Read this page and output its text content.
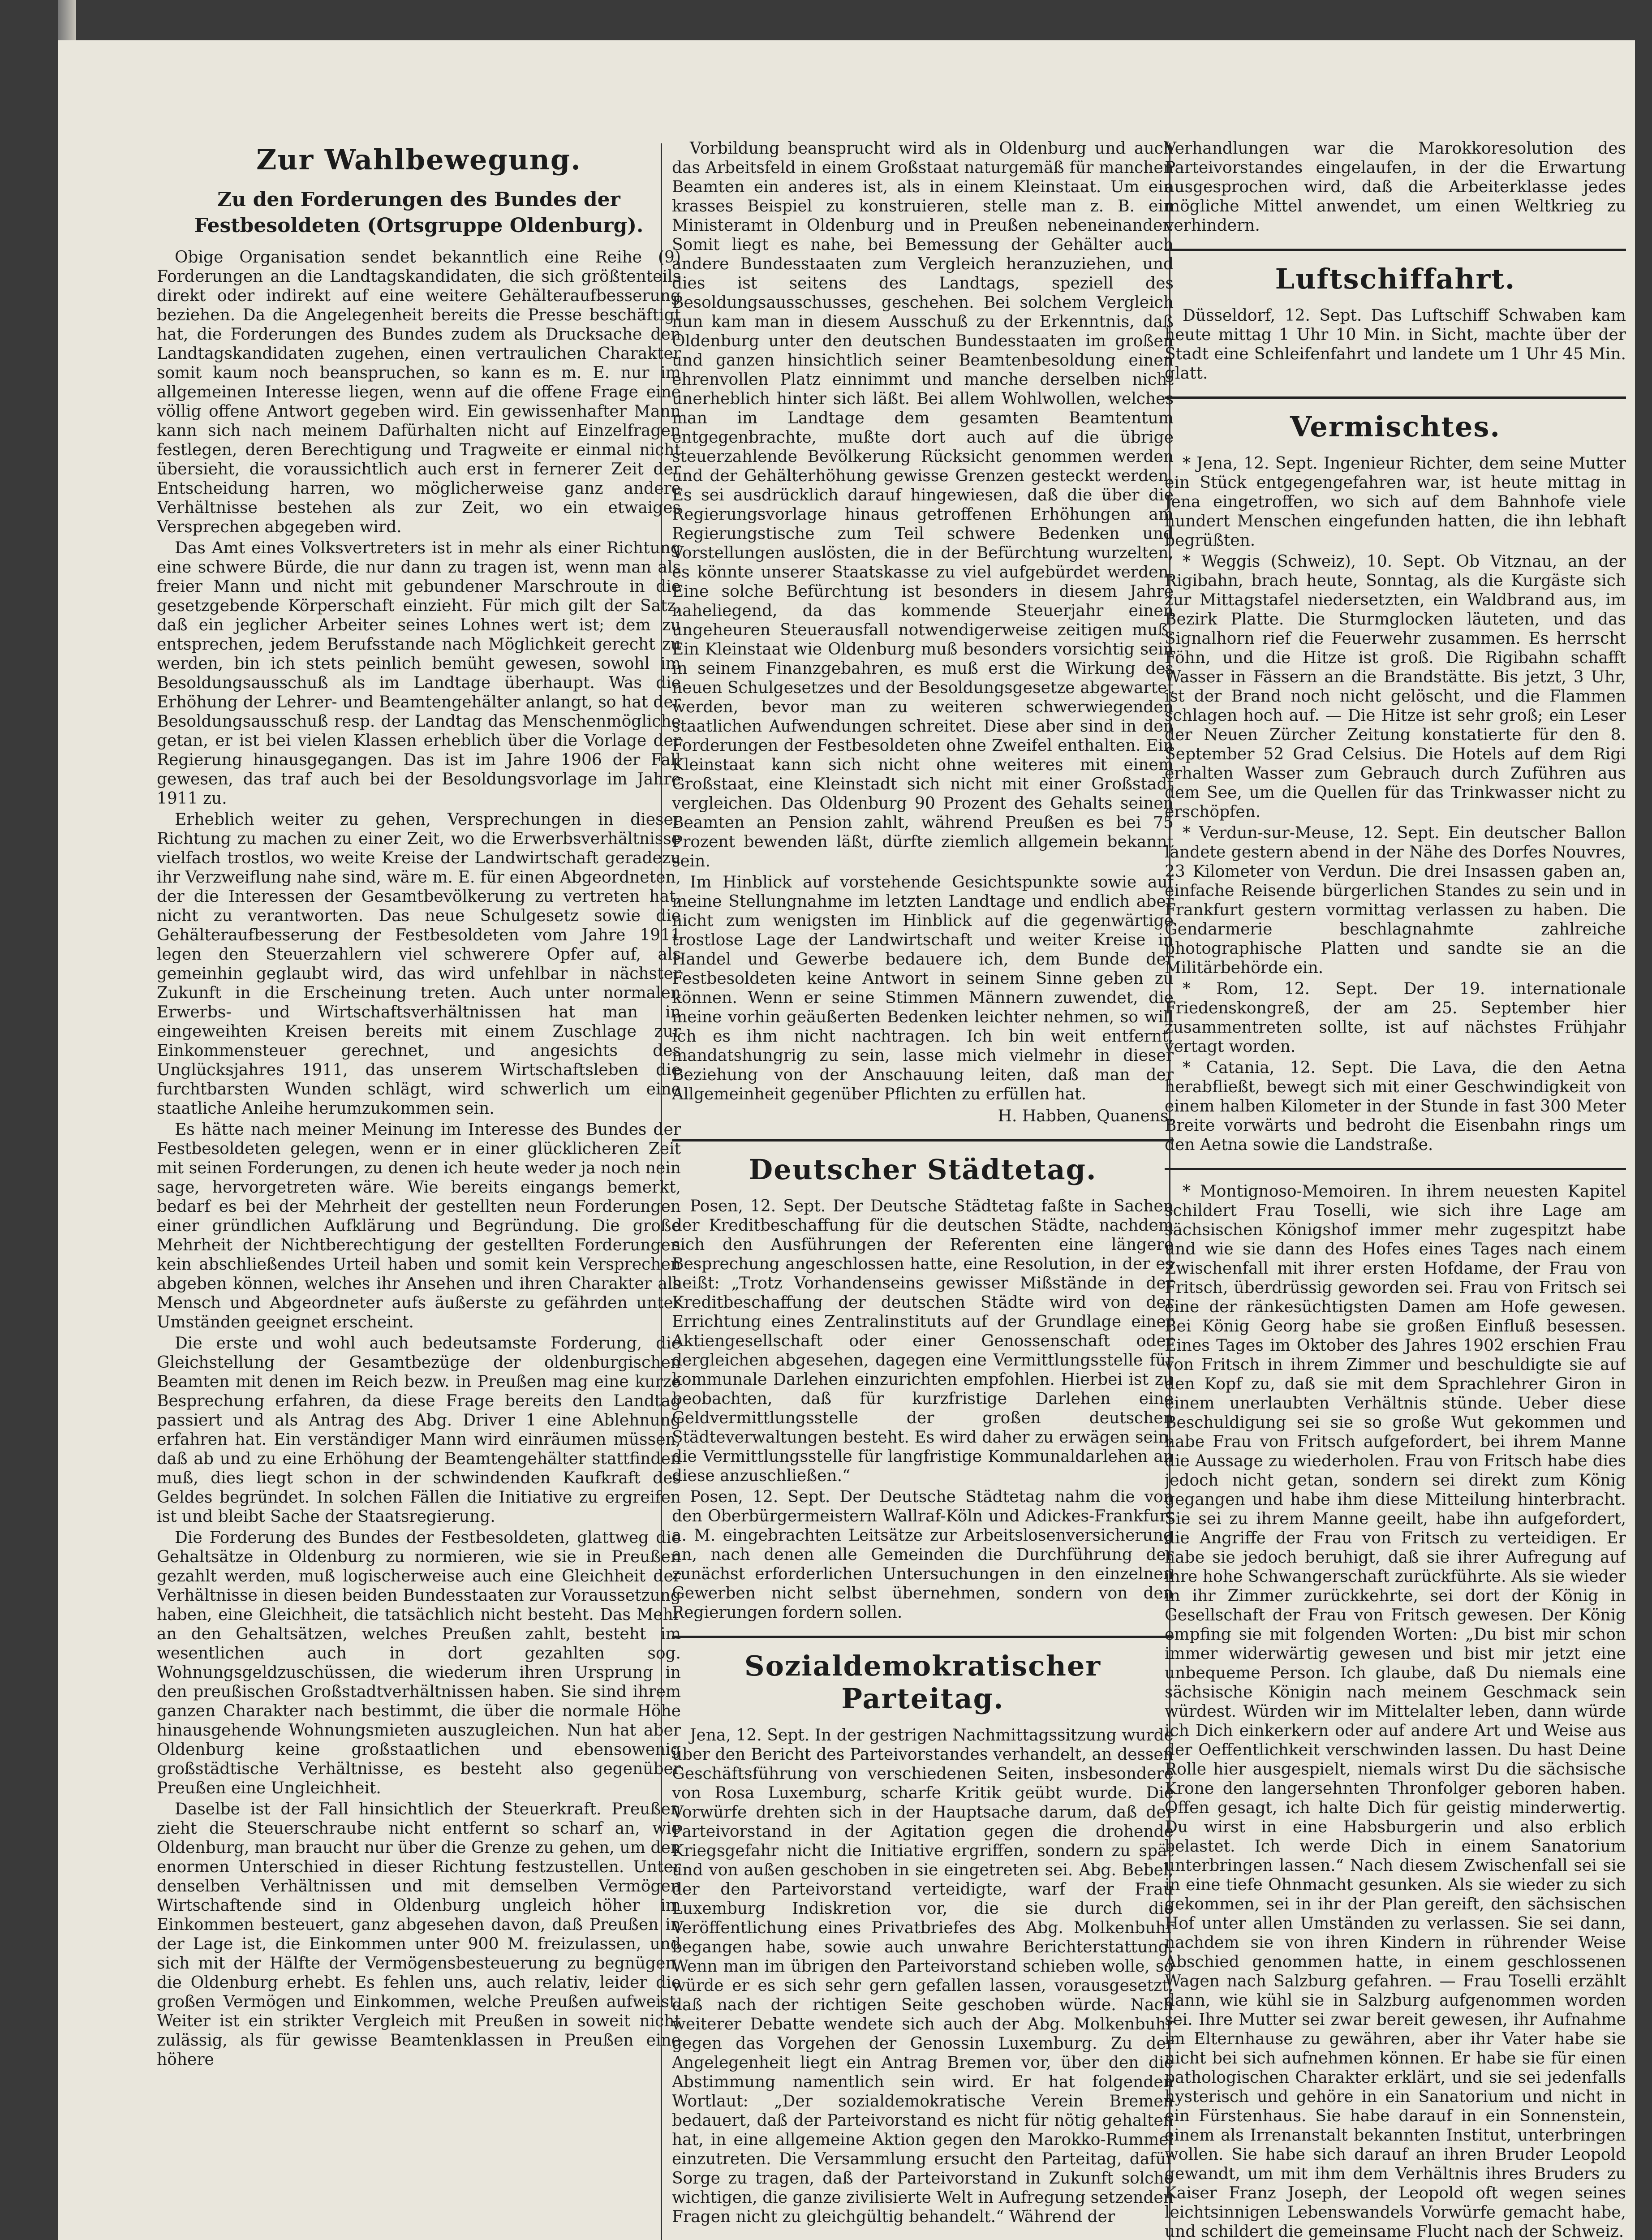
Zur Wahlbewegung.
Zu den Forderungen des Bundes der Festbesoldeten (Ortsgruppe Oldenburg).

Obige Organisation sendet bekanntlich eine Reihe (9) Forderungen an die Landtagskandidaten, die sich größtenteils direkt oder indirekt auf eine weitere Gehälteraufbesserung beziehen. Da die Angelegenheit bereits die Presse beschäftigt hat, die Forderungen des Bundes zudem als Drucksache den Landtagskandidaten zugehen, einen vertraulichen Charakter somit kaum noch beanspruchen, so kann es m. E. nur im allgemeinen Interesse liegen, wenn auf die offene Frage eine völlig offene Antwort gegeben wird. Ein gewissenhafter Mann kann sich nach meinem Dafürhalten nicht auf Einzelfragen festlegen, deren Berechtigung und Tragweite er einmal nicht übersieht, die voraussichtlich auch erst in fernerer Zeit der Entscheidung harren, wo möglicherweise ganz andere Verhältnisse bestehen als zur Zeit, wo ein etwaiges Versprechen abgegeben wird.

Das Amt eines Volksvertreters ist in mehr als einer Richtung eine schwere Bürde, die nur dann zu tragen ist, wenn man als freier Mann und nicht mit gebundener Marschroute in die gesetzgebende Körperschaft einzieht. Für mich gilt der Satz, daß ein jeglicher Arbeiter seines Lohnes wert ist; dem zu entsprechen, jedem Berufsstande nach Möglichkeit gerecht zu werden, bin ich stets peinlich bemüht gewesen, sowohl im Besoldungsausschuß als im Landtage überhaupt. Was die Erhöhung der Lehrer- und Beamtengehälter anlangt, so hat der Besoldungsausschuß resp. der Landtag das Menschenmögliche getan, er ist bei vielen Klassen erheblich über die Vorlage der Regierung hinausgegangen. Das ist im Jahre 1906 der Fall gewesen, das traf auch bei der Besoldungsvorlage im Jahre 1911 zu.

Erheblich weiter zu gehen, Versprechungen in dieser Richtung zu machen zu einer Zeit, wo die Erwerbsverhältnisse vielfach trostlos, wo weite Kreise der Landwirtschaft geradezu ihr Verzweiflung nahe sind, wäre m. E. für einen Abgeordneten, der die Interessen der Gesamtbevölkerung zu vertreten hat, nicht zu verantworten. Das neue Schulgesetz sowie die Gehälteraufbesserung der Festbesoldeten vom Jahre 1911 legen den Steuerzahlern viel schwerere Opfer auf, als gemeinhin geglaubt wird, das wird unfehlbar in nächster Zukunft in die Erscheinung treten. Auch unter normalen Erwerbs- und Wirtschaftsverhältnissen hat man in eingeweihten Kreisen bereits mit einem Zuschlage zur Einkommensteuer gerechnet, und angesichts des Unglücksjahres 1911, das unserem Wirtschaftsleben die furchtbarsten Wunden schlägt, wird schwerlich um eine staatliche Anleihe herumzukommen sein.

Es hätte nach meiner Meinung im Interesse des Bundes der Festbesoldeten gelegen, wenn er in einer glücklicheren Zeit mit seinen Forderungen, zu denen ich heute weder ja noch nein sage, hervorgetreten wäre. Wie bereits eingangs bemerkt, bedarf es bei der Mehrheit der gestellten neun Forderungen einer gründlichen Aufklärung und Begründung. Die große Mehrheit der Nichtberechtigung der gestellten Forderungen kein abschließendes Urteil haben und somit kein Versprechen abgeben können, welches ihr Ansehen und ihren Charakter als Mensch und Abgeordneter aufs äußerste zu gefährden unter Umständen geeignet erscheint.

Die erste und wohl auch bedeutsamste Forderung, die Gleichstellung der Gesamtbezüge der oldenburgischen Beamten mit denen im Reich bezw. in Preußen mag eine kurze Besprechung erfahren, da diese Frage bereits den Landtag passiert und als Antrag des Abg. Driver 1 eine Ablehnung erfahren hat. Ein verständiger Mann wird einräumen müssen, daß ab und zu eine Erhöhung der Beamtengehälter stattfinden muß, dies liegt schon in der schwindenden Kaufkraft des Geldes begründet. In solchen Fällen die Initiative zu ergreifen ist und bleibt Sache der Staatsregierung.

Die Forderung des Bundes der Festbesoldeten, glattweg die Gehaltsätze in Oldenburg zu normieren, wie sie in Preußen gezahlt werden, muß logischerweise auch eine Gleichheit der Verhältnisse in diesen beiden Bundesstaaten zur Voraussetzung haben, eine Gleichheit, die tatsächlich nicht besteht. Das Mehr an den Gehaltsätzen, welches Preußen zahlt, besteht im wesentlichen auch in dort gezahlten sog. Wohnungsgeldzuschüssen, die wiederum ihren Ursprung in den preußischen Großstadtverhältnissen haben. Sie sind ihrem ganzen Charakter nach bestimmt, die über die normale Höhe hinausgehende Wohnungsmieten auszugleichen. Nun hat aber Oldenburg keine großstaatlichen und ebensowenig großstädtische Verhältnisse, es besteht also gegenüber Preußen eine Ungleichheit.

Daselbe ist der Fall hinsichtlich der Steuerkraft. Preußen zieht die Steuerschraube nicht entfernt so scharf an, wie Oldenburg, man braucht nur über die Grenze zu gehen, um den enormen Unterschied in dieser Richtung festzustellen. Unter denselben Verhältnissen und mit demselben Vermögen Wirtschaftende sind in Oldenburg ungleich höher im Einkommen besteuert, ganz abgesehen davon, daß Preußen in der Lage ist, die Einkommen unter 900 M. freizulassen, und sich mit der Hälfte der Vermögensbesteuerung zu begnügen, die Oldenburg erhebt. Es fehlen uns, auch relativ, leider die großen Vermögen und Einkommen, welche Preußen aufweist. Weiter ist ein strikter Vergleich mit Preußen in soweit nicht zulässig, als für gewisse Beamtenklassen in Preußen eine höhere

Vorbildung beansprucht wird als in Oldenburg und auch das Arbeitsfeld in einem Großstaat naturgemäß für manchen Beamten ein anderes ist, als in einem Kleinstaat. Um ein krasses Beispiel zu konstruieren, stelle man z. B. ein Ministeramt in Oldenburg und in Preußen nebeneinander. Somit liegt es nahe, bei Bemessung der Gehälter auch andere Bundesstaaten zum Vergleich heranzuziehen, und dies ist seitens des Landtags, speziell des Besoldungsausschusses, geschehen. Bei solchem Vergleich nun kam man in diesem Ausschuß zu der Erkenntnis, daß Oldenburg unter den deutschen Bundesstaaten im großen und ganzen hinsichtlich seiner Beamtenbesoldung einen ehrenvollen Platz einnimmt und manche derselben nicht unerheblich hinter sich läßt. Bei allem Wohlwollen, welches man im Landtage dem gesamten Beamtentum entgegenbrachte, mußte dort auch auf die übrige steuerzahlende Bevölkerung Rücksicht genommen werden und der Gehälterhöhung gewisse Grenzen gesteckt werden. Es sei ausdrücklich darauf hingewiesen, daß die über die Regierungsvorlage hinaus getroffenen Erhöhungen am Regierungstische zum Teil schwere Bedenken und Vorstellungen auslösten, die in der Befürchtung wurzelten, es könnte unserer Staatskasse zu viel aufgebürdet werden. Eine solche Befürchtung ist besonders in diesem Jahre naheliegend, da das kommende Steuerjahr einen ungeheuren Steuerausfall notwendigerweise zeitigen muß. Ein Kleinstaat wie Oldenburg muß besonders vorsichtig sein in seinem Finanzgebahren, es muß erst die Wirkung des neuen Schulgesetzes und der Besoldungsgesetze abgewartet werden, bevor man zu weiteren schwerwiegenden staatlichen Aufwendungen schreitet. Diese aber sind in den Forderungen der Festbesoldeten ohne Zweifel enthalten. Ein Kleinstaat kann sich nicht ohne weiteres mit einem Großstaat, eine Kleinstadt sich nicht mit einer Großstadt vergleichen. Das Oldenburg 90 Prozent des Gehalts seinen Beamten an Pension zahlt, während Preußen es bei 75 Prozent bewenden läßt, dürfte ziemlich allgemein bekannt sein.

Im Hinblick auf vorstehende Gesichtspunkte sowie auf meine Stellungnahme im letzten Landtage und endlich aber nicht zum wenigsten im Hinblick auf die gegenwärtige trostlose Lage der Landwirtschaft und weiter Kreise in Handel und Gewerbe bedauere ich, dem Bunde der Festbesoldeten keine Antwort in seinem Sinne geben zu können. Wenn er seine Stimmen Männern zuwendet, die meine vorhin geäußerten Bedenken leichter nehmen, so will ich es ihm nicht nachtragen. Ich bin weit entfernt, mandatshungrig zu sein, lasse mich vielmehr in dieser Beziehung von der Anschauung leiten, daß man der Allgemeinheit gegenüber Pflichten zu erfüllen hat.

H. Habben, Quanens.

Deutscher Städtetag.

Posen, 12. Sept. Der Deutsche Städtetag faßte in Sachen der Kreditbeschaffung für die deutschen Städte, nachdem sich den Ausführungen der Referenten eine längere Besprechung angeschlossen hatte, eine Resolution, in der es heißt: „Trotz Vorhandenseins gewisser Mißstände in der Kreditbeschaffung der deutschen Städte wird von der Errichtung eines Zentralinstituts auf der Grundlage einer Aktiengesellschaft oder einer Genossenschaft oder dergleichen abgesehen, dagegen eine Vermittlungsstelle für kommunale Darlehen einzurichten empfohlen. Hierbei ist zu beobachten, daß für kurzfristige Darlehen eine Geldvermittlungsstelle der großen deutschen Städteverwaltungen besteht. Es wird daher zu erwägen sein, die Vermittlungsstelle für langfristige Kommunaldarlehen an diese anzuschließen.“

Posen, 12. Sept. Der Deutsche Städtetag nahm die von den Oberbürgermeistern Wallraf-Köln und Adickes-Frankfurt a. M. eingebrachten Leitsätze zur Arbeitslosenversicherung an, nach denen alle Gemeinden die Durchführung der zunächst erforderlichen Untersuchungen in den einzelnen Gewerben nicht selbst übernehmen, sondern von den Regierungen fordern sollen.

Sozialdemokratischer Parteitag.

Jena, 12. Sept. In der gestrigen Nachmittagssitzung wurde über den Bericht des Parteivorstandes verhandelt, an dessen Geschäftsführung von verschiedenen Seiten, insbesondere von Rosa Luxemburg, scharfe Kritik geübt wurde. Die Vorwürfe drehten sich in der Hauptsache darum, daß der Parteivorstand in der Agitation gegen die drohende Kriegsgefahr nicht die Initiative ergriffen, sondern zu spät und von außen geschoben in sie eingetreten sei. Abg. Bebel, der den Parteivorstand verteidigte, warf der Frau Luxemburg Indiskretion vor, die sie durch die Veröffentlichung eines Privatbriefes des Abg. Molkenbuhr begangen habe, sowie auch unwahre Berichterstattung. Wenn man im übrigen den Parteivorstand schieben wolle, so würde er es sich sehr gern gefallen lassen, vorausgesetzt, daß nach der richtigen Seite geschoben würde. Nach weiterer Debatte wendete sich auch der Abg. Molkenbuhr gegen das Vorgehen der Genossin Luxemburg. Zu der Angelegenheit liegt ein Antrag Bremen vor, über den die Abstimmung namentlich sein wird. Er hat folgenden Wortlaut: „Der sozialdemokratische Verein Bremen bedauert, daß der Parteivorstand es nicht für nötig gehalten hat, in eine allgemeine Aktion gegen den Marokko-Rummel einzutreten. Die Versammlung ersucht den Parteitag, dafür Sorge zu tragen, daß der Parteivorstand in Zukunft solche wichtigen, die ganze zivilisierte Welt in Aufregung setzenden Fragen nicht zu gleichgültig behandelt.“ Während der

Verhandlungen war die Marokkoresolution des Parteivorstandes eingelaufen, in der die Erwartung ausgesprochen wird, daß die Arbeiterklasse jedes mögliche Mittel anwendet, um einen Weltkrieg zu verhindern.

Luftschiffahrt.

Düsseldorf, 12. Sept. Das Luftschiff Schwaben kam heute mittag 1 Uhr 10 Min. in Sicht, machte über der Stadt eine Schleifenfahrt und landete um 1 Uhr 45 Min. glatt.

Vermischtes.

* Jena, 12. Sept. Ingenieur Richter, dem seine Mutter ein Stück entgegengefahren war, ist heute mittag in Jena eingetroffen, wo sich auf dem Bahnhofe viele hundert Menschen eingefunden hatten, die ihn lebhaft begrüßten.

* Weggis (Schweiz), 10. Sept. Ob Vitznau, an der Rigibahn, brach heute, Sonntag, als die Kurgäste sich zur Mittagstafel niedersetzten, ein Waldbrand aus, im Bezirk Platte. Die Sturmglocken läuteten, und das Signalhorn rief die Feuerwehr zusammen. Es herrscht Föhn, und die Hitze ist groß. Die Rigibahn schafft Wasser in Fässern an die Brandstätte. Bis jetzt, 3 Uhr, ist der Brand noch nicht gelöscht, und die Flammen schlagen hoch auf. — Die Hitze ist sehr groß; ein Leser der Neuen Zürcher Zeitung konstatierte für den 8. September 52 Grad Celsius. Die Hotels auf dem Rigi erhalten Wasser zum Gebrauch durch Zuführen aus dem See, um die Quellen für das Trinkwasser nicht zu erschöpfen.

* Verdun-sur-Meuse, 12. Sept. Ein deutscher Ballon landete gestern abend in der Nähe des Dorfes Nouvres, 23 Kilometer von Verdun. Die drei Insassen gaben an, einfache Reisende bürgerlichen Standes zu sein und in Frankfurt gestern vormittag verlassen zu haben. Die Gendarmerie beschlagnahmte zahlreiche photographische Platten und sandte sie an die Militärbehörde ein.

* Rom, 12. Sept. Der 19. internationale Friedenskongreß, der am 25. September hier zusammentreten sollte, ist auf nächstes Frühjahr vertagt worden.

* Catania, 12. Sept. Die Lava, die den Aetna herabfließt, bewegt sich mit einer Geschwindigkeit von einem halben Kilometer in der Stunde in fast 300 Meter Breite vorwärts und bedroht die Eisenbahn rings um den Aetna sowie die Landstraße.

* Montignoso-Memoiren. In ihrem neuesten Kapitel schildert Frau Toselli, wie sich ihre Lage am sächsischen Königshof immer mehr zugespitzt habe und wie sie dann des Hofes eines Tages nach einem Zwischenfall mit ihrer ersten Hofdame, der Frau von Fritsch, überdrüssig geworden sei. Frau von Fritsch sei eine der ränkesüchtigsten Damen am Hofe gewesen. Bei König Georg habe sie großen Einfluß besessen. Eines Tages im Oktober des Jahres 1902 erschien Frau von Fritsch in ihrem Zimmer und beschuldigte sie auf den Kopf zu, daß sie mit dem Sprachlehrer Giron in einem unerlaubten Verhältnis stünde. Ueber diese Beschuldigung sei sie so große Wut gekommen und habe Frau von Fritsch aufgefordert, bei ihrem Manne die Aussage zu wiederholen. Frau von Fritsch habe dies jedoch nicht getan, sondern sei direkt zum König gegangen und habe ihm diese Mitteilung hinterbracht. Sie sei zu ihrem Manne geeilt, habe ihn aufgefordert, die Angriffe der Frau von Fritsch zu verteidigen. Er habe sie jedoch beruhigt, daß sie ihrer Aufregung auf ihre hohe Schwangerschaft zurückführte. Als sie wieder in ihr Zimmer zurückkehrte, sei dort der König in Gesellschaft der Frau von Fritsch gewesen. Der König empfing sie mit folgenden Worten: „Du bist mir schon immer widerwärtig gewesen und bist mir jetzt eine unbequeme Person. Ich glaube, daß Du niemals eine sächsische Königin nach meinem Geschmack sein würdest. Würden wir im Mittelalter leben, dann würde ich Dich einkerkern oder auf andere Art und Weise aus der Oeffentlichkeit verschwinden lassen. Du hast Deine Rolle hier ausgespielt, niemals wirst Du die sächsische Krone den langersehnten Thronfolger geboren haben. Offen gesagt, ich halte Dich für geistig minderwertig. Du wirst in eine Habsburgerin und also erblich belastet. Ich werde Dich in einem Sanatorium unterbringen lassen.“ Nach diesem Zwischenfall sei sie in eine tiefe Ohnmacht gesunken. Als sie wieder zu sich gekommen, sei in ihr der Plan gereift, den sächsischen Hof unter allen Umständen zu verlassen. Sie sei dann, nachdem sie von ihren Kindern in rührender Weise Abschied genommen hatte, in einem geschlossenen Wagen nach Salzburg gefahren. — Frau Toselli erzählt dann, wie kühl sie in Salzburg aufgenommen worden sei. Ihre Mutter sei zwar bereit gewesen, ihr Aufnahme im Elternhause zu gewähren, aber ihr Vater habe sie nicht bei sich aufnehmen können. Er habe sie für einen pathologischen Charakter erklärt, und sie sei jedenfalls hysterisch und gehöre in ein Sanatorium und nicht in ein Fürstenhaus. Sie habe darauf in ein Sonnenstein, einem als Irrenanstalt bekannten Institut, unterbringen wollen. Sie habe sich darauf an ihren Bruder Leopold gewandt, um mit ihm dem Verhältnis ihres Bruders zu Kaiser Franz Joseph, der Leopold oft wegen seines leichtsinnigen Lebenswandels Vorwürfe gemacht habe, und schildert die gemeinsame Flucht nach der Schweiz.
